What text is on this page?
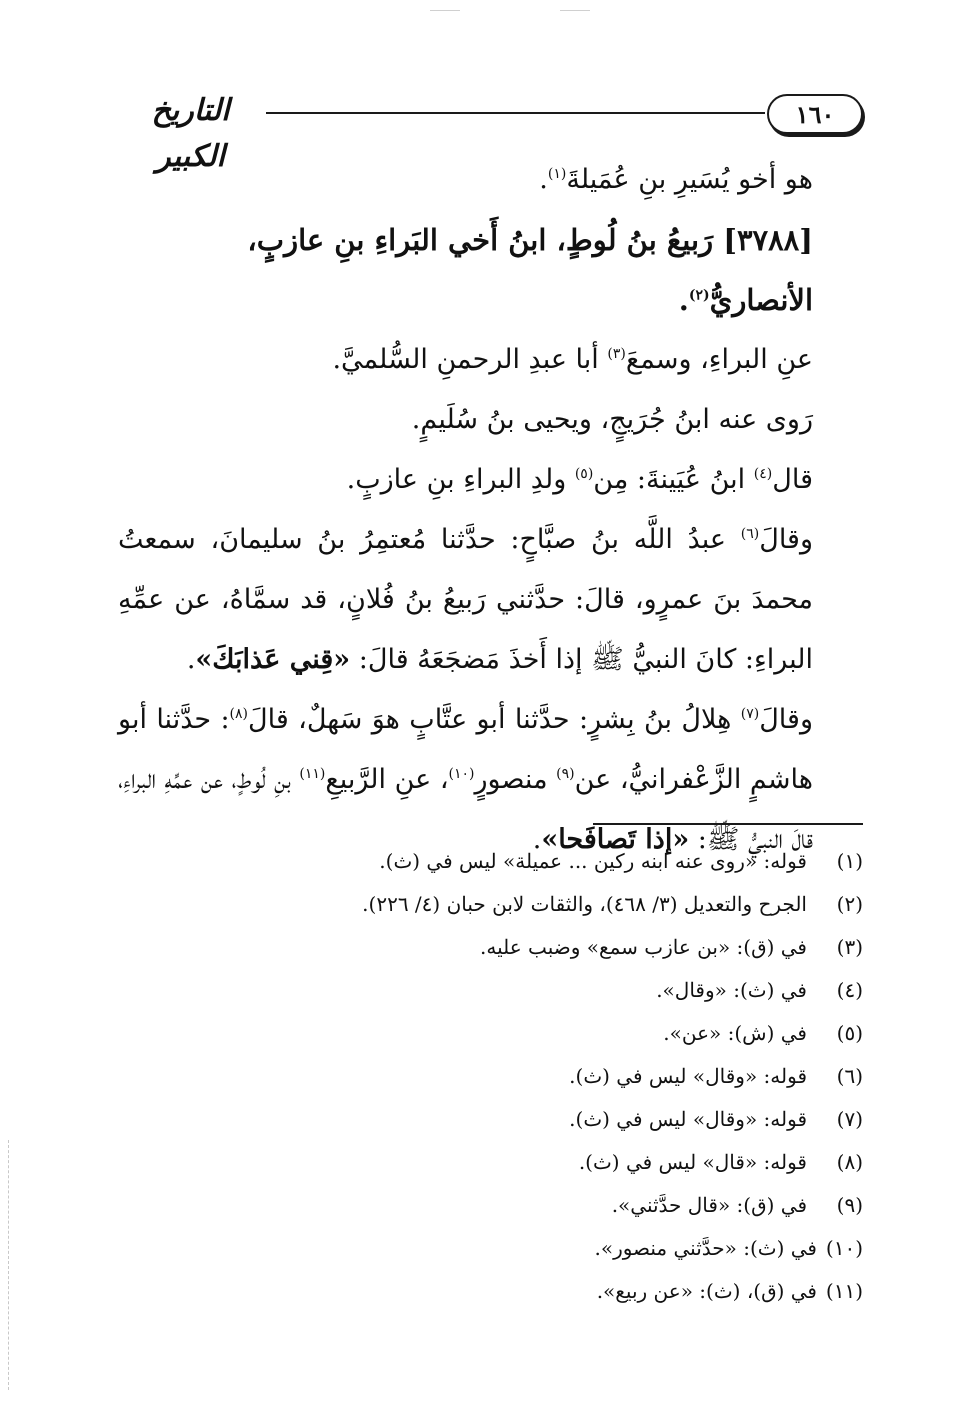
١٦٠
التاريخ الكبير

هو أخو يُسَيرِ بنِ عُمَيلةَ$^{(١)}$.

[٣٧٨٨] رَبيعُ بنُ لُوطٍ، ابنُ أَخي البَراءِ بنِ عازبٍ، الأنصاريُّ$^{(٢)}$.

عنِ البراءِ، وسمعَ$^{(٣)}$ أبا عبدِ الرحمنِ السُّلميَّ.

رَوى عنه ابنُ جُرَيجٍ، ويحيى بنُ سُلَيمٍ.

قال$^{(٤)}$ ابنُ عُيَينةَ: مِن$^{(٥)}$ ولدِ البراءِ بنِ عازبٍ.

وقالَ$^{(٦)}$ عبدُ اللَّه بنُ صبَّاحٍ: حدَّثنا مُعتمِرُ بنُ سليمانَ، سمعتُ محمدَ بنَ عمرٍو، قالَ: حدَّثني رَبيعُ بنُ فُلانٍ، قد سمَّاهُ، عن عمِّهِ البراءِ: كانَ النبيُّ ﷺ إذا أَخذَ مَضجَعَهُ قالَ: «قِني عَذابَكَ».

وقالَ$^{(٧)}$ هِلالُ بنُ بِشرٍ: حدَّثنا أبو عتَّابٍ هوَ سَهلٌ، قالَ$^{(٨)}$: حدَّثنا أبو هاشمٍ الزَّعْفرانيُّ، عن$^{(٩)}$ منصورٍ$^{(١٠)}$، عنِ الرَّبيعِ$^{(١١)}$ بنِ لُوطٍ، عن عمِّهِ البراءِ، قالَ النبيُّ ﷺ: «إذا تَصافَحا».

(١)
قوله: «روى عنه ابنه ركين ... عميلة» ليس في (ث).
(٢)
الجرح والتعديل (٣/ ٤٦٨)، والثقات لابن حبان (٤/ ٢٢٦).
(٣)
في (ق): «بن عازب سمع» وضبب عليه.
(٤)
في (ث): «وقال».
(٥)
في (ش): «عن».
(٦)
قوله: «وقال» ليس في (ث).
(٧)
قوله: «وقال» ليس في (ث).
(٨)
قوله: «قال» ليس في (ث).
(٩)
في (ق): «قال حدَّثني».
(١٠)
في (ث): «حدَّثني منصور».
(١١)
في (ق)، (ث): «عن ربيع».
